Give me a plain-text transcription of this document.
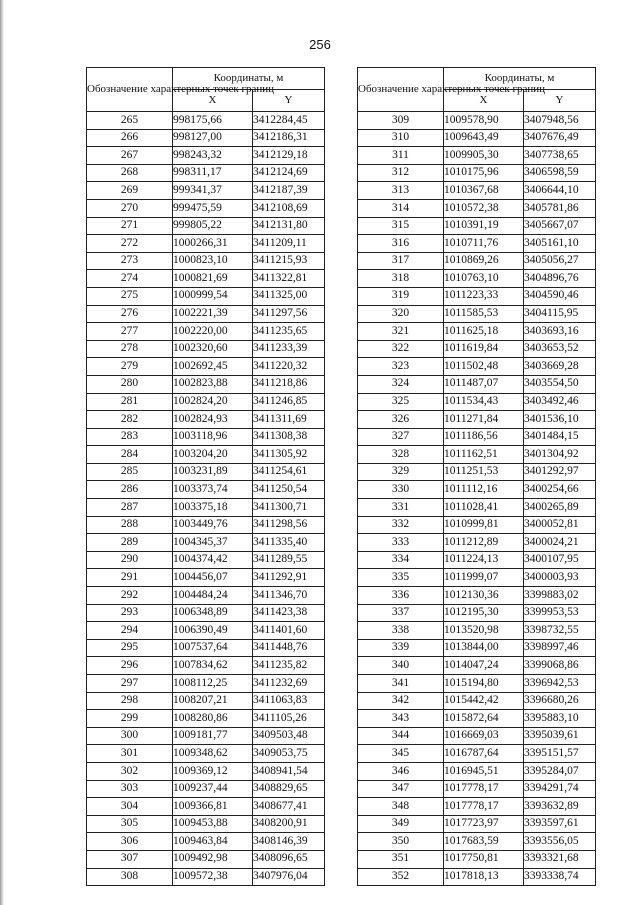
256
Обозначение характерных точек границ	Координаты, м	
	X	Y
265	998175,66	3412284,45
266	998127,00	3412186,31
267	998243,32	3412129,18
268	998311,17	3412124,69
269	999341,37	3412187,39
270	999475,59	3412108,69
271	999805,22	3412131,80
272	1000266,31	3411209,11
273	1000823,10	3411215,93
274	1000821,69	3411322,81
275	1000999,54	3411325,00
276	1002221,39	3411297,56
277	1002220,00	3411235,65
278	1002320,60	3411233,39
279	1002692,45	3411220,32
280	1002823,88	3411218,86
281	1002824,20	3411246,85
282	1002824,93	3411311,69
283	1003118,96	3411308,38
284	1003204,20	3411305,92
285	1003231,89	3411254,61
286	1003373,74	3411250,54
287	1003375,18	3411300,71
288	1003449,76	3411298,56
289	1004345,37	3411335,40
290	1004374,42	3411289,55
291	1004456,07	3411292,91
292	1004484,24	3411346,70
293	1006348,89	3411423,38
294	1006390,49	3411401,60
295	1007537,64	3411448,76
296	1007834,62	3411235,82
297	1008112,25	3411232,69
298	1008207,21	3411063,83
299	1008280,86	3411105,26
300	1009181,77	3409503,48
301	1009348,62	3409053,75
302	1009369,12	3408941,54
303	1009237,44	3408829,65
304	1009366,81	3408677,41
305	1009453,88	3408200,91
306	1009463,84	3408146,39
307	1009492,98	3408096,65
308	1009572,38	3407976,04
Обозначение характерных точек границ	Координаты, м	
	X	Y
309	1009578,90	3407948,56
310	1009643,49	3407676,49
311	1009905,30	3407738,65
312	1010175,96	3406598,59
313	1010367,68	3406644,10
314	1010572,38	3405781,86
315	1010391,19	3405667,07
316	1010711,76	3405161,10
317	1010869,26	3405056,27
318	1010763,10	3404896,76
319	1011223,33	3404590,46
320	1011585,53	3404115,95
321	1011625,18	3403693,16
322	1011619,84	3403653,52
323	1011502,48	3403669,28
324	1011487,07	3403554,50
325	1011534,43	3403492,46
326	1011271,84	3401536,10
327	1011186,56	3401484,15
328	1011162,51	3401304,92
329	1011251,53	3401292,97
330	1011112,16	3400254,66
331	1011028,41	3400265,89
332	1010999,81	3400052,81
333	1011212,89	3400024,21
334	1011224,13	3400107,95
335	1011999,07	3400003,93
336	1012130,36	3399883,02
337	1012195,30	3399953,53
338	1013520,98	3398732,55
339	1013844,00	3398997,46
340	1014047,24	3399068,86
341	1015194,80	3396942,53
342	1015442,42	3396680,26
343	1015872,64	3395883,10
344	1016669,03	3395039,61
345	1016787,64	3395151,57
346	1016945,51	3395284,07
347	1017778,17	3394291,74
348	1017778,17	3393632,89
349	1017723,97	3393597,61
350	1017683,59	3393556,05
351	1017750,81	3393321,68
352	1017818,13	3393338,74
